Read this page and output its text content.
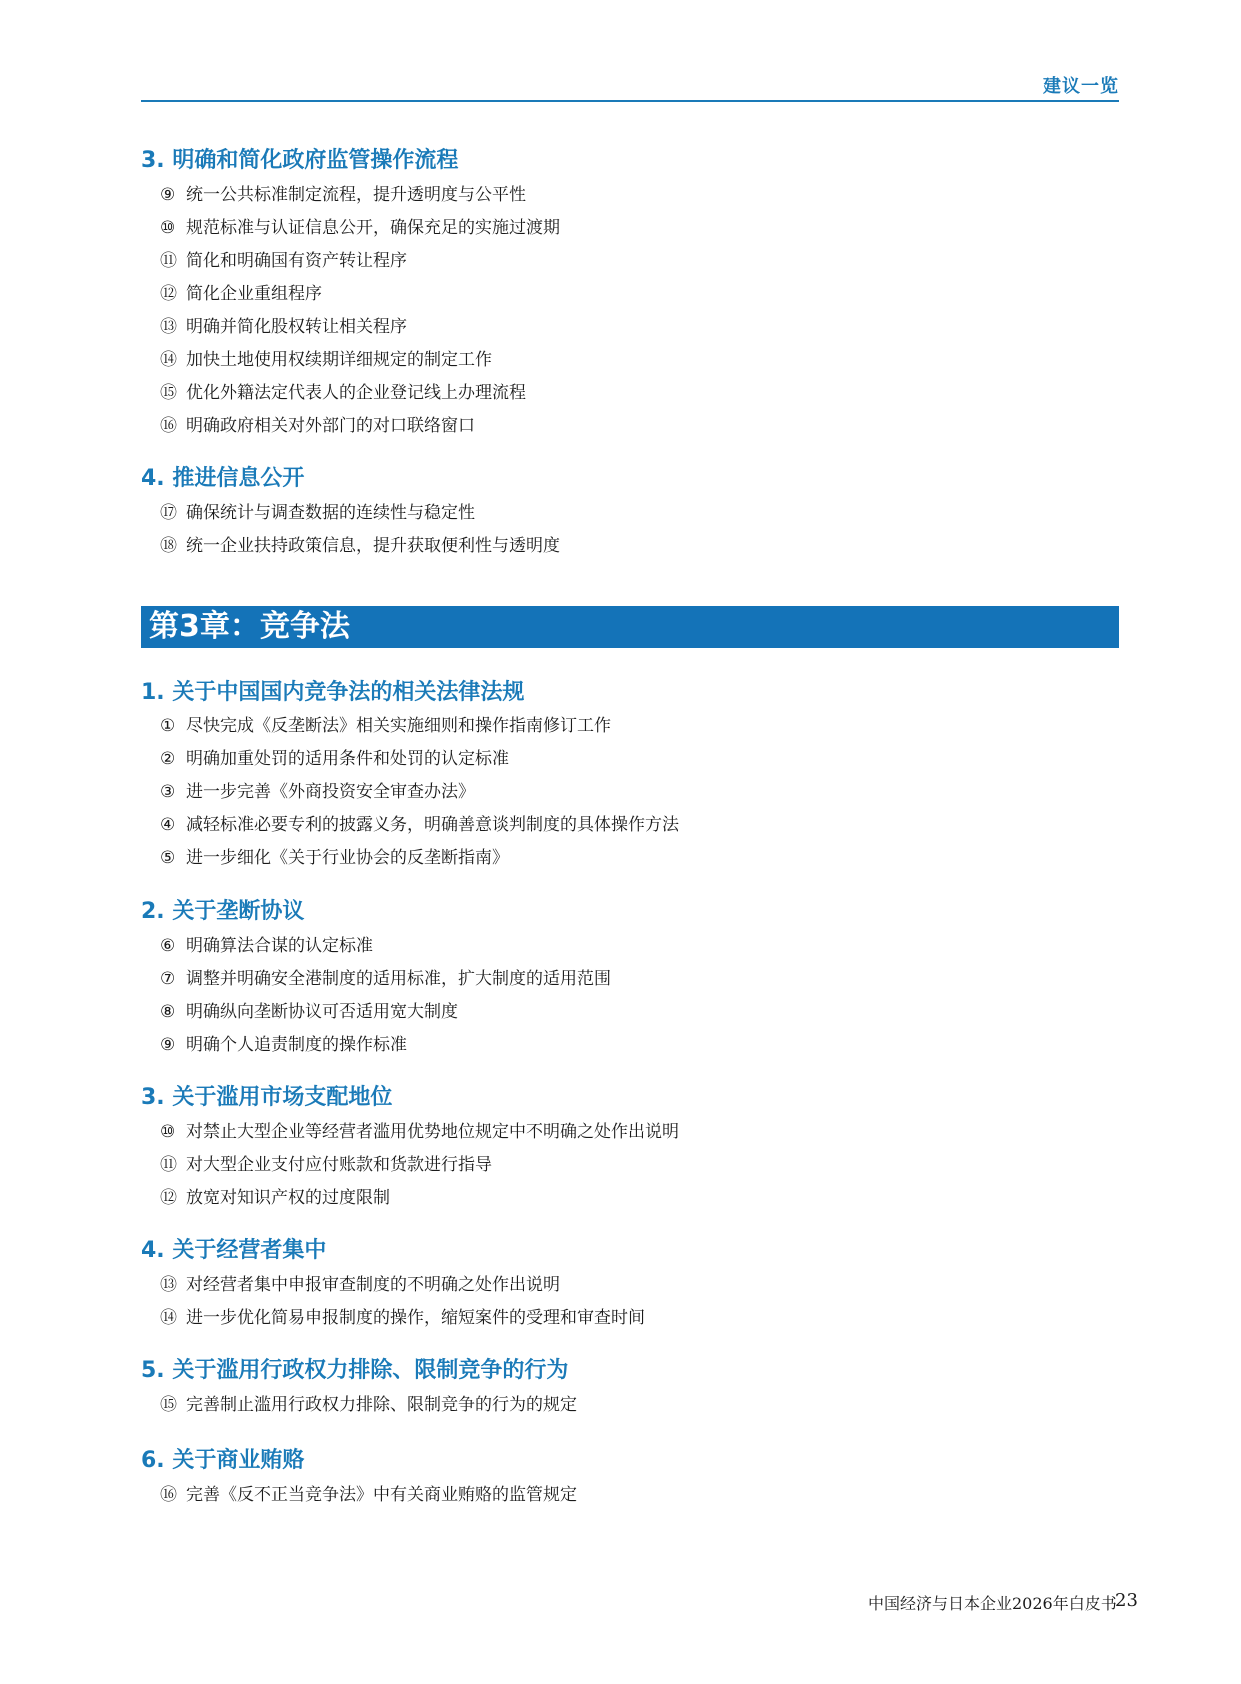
建议一览
3. 明确和简化政府监管操作流程
⑨ 统一公共标准制定流程，提升透明度与公平性
⑩ 规范标准与认证信息公开，确保充足的实施过渡期
⑪ 简化和明确国有资产转让程序
⑫ 简化企业重组程序
⑬ 明确并简化股权转让相关程序
⑭ 加快土地使用权续期详细规定的制定工作
⑮ 优化外籍法定代表人的企业登记线上办理流程
⑯ 明确政府相关对外部门的对口联络窗口
4. 推进信息公开
⑰ 确保统计与调查数据的连续性与稳定性
⑱ 统一企业扶持政策信息，提升获取便利性与透明度
第3章：竞争法
1. 关于中国国内竞争法的相关法律法规
① 尽快完成《反垄断法》相关实施细则和操作指南修订工作
② 明确加重处罚的适用条件和处罚的认定标准
③ 进一步完善《外商投资安全审查办法》
④ 减轻标准必要专利的披露义务，明确善意谈判制度的具体操作方法
⑤ 进一步细化《关于行业协会的反垄断指南》
2. 关于垄断协议
⑥ 明确算法合谋的认定标准
⑦ 调整并明确安全港制度的适用标准，扩大制度的适用范围
⑧ 明确纵向垄断协议可否适用宽大制度
⑨ 明确个人追责制度的操作标准
3. 关于滥用市场支配地位
⑩ 对禁止大型企业等经营者滥用优势地位规定中不明确之处作出说明
⑪ 对大型企业支付应付账款和货款进行指导
⑫ 放宽对知识产权的过度限制
4. 关于经营者集中
⑬ 对经营者集中申报审查制度的不明确之处作出说明
⑭ 进一步优化简易申报制度的操作，缩短案件的受理和审查时间
5. 关于滥用行政权力排除、限制竞争的行为
⑮ 完善制止滥用行政权力排除、限制竞争的行为的规定
6. 关于商业贿赂
⑯ 完善《反不正当竞争法》中有关商业贿赂的监管规定
中国经济与日本企业2026年白皮书
23
